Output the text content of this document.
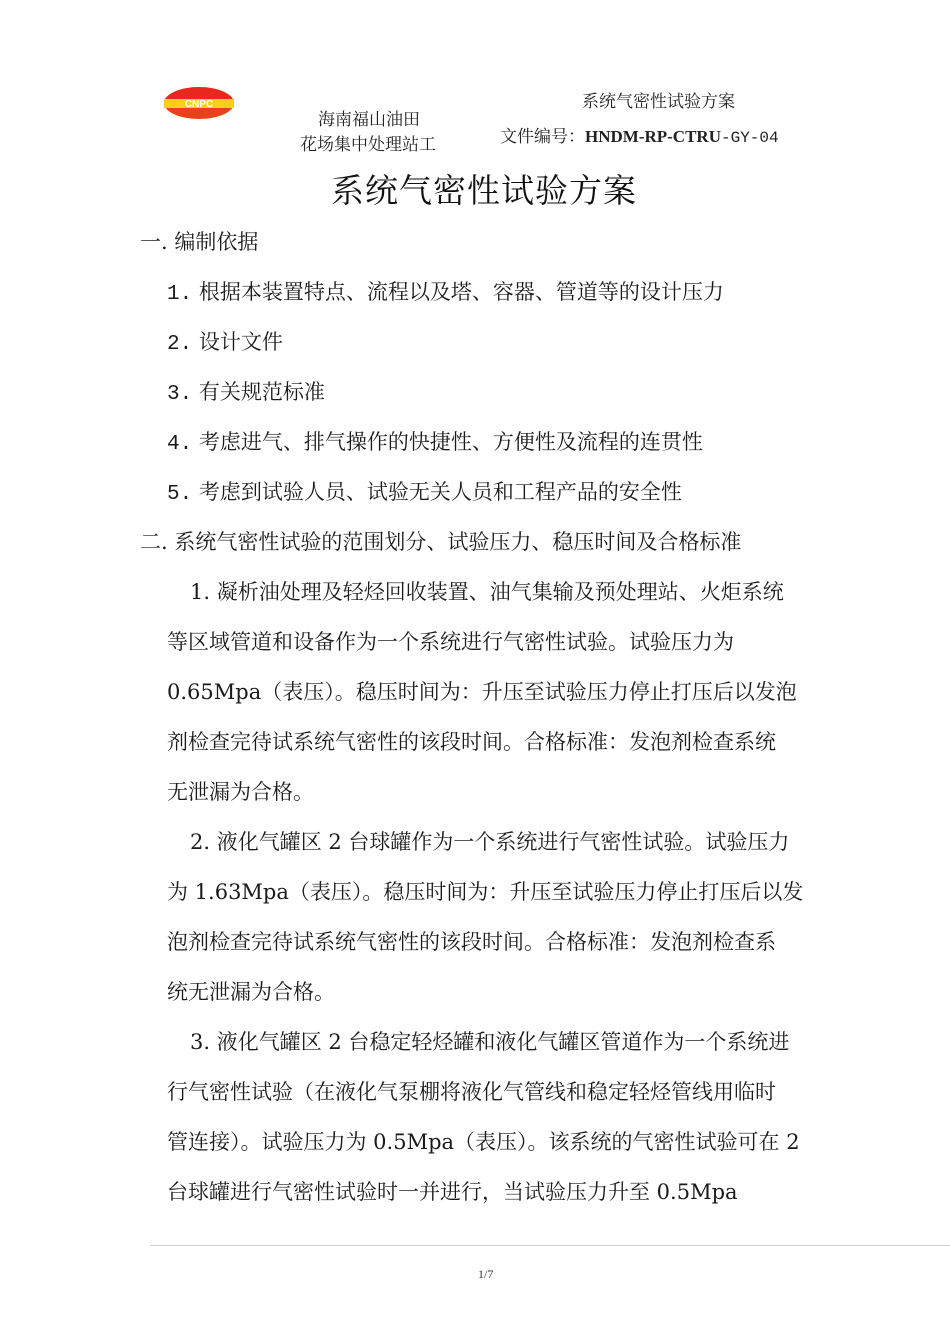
CNPC
海南福山油田
花场集中处理站工
系统气密性试验方案
文件编号：HNDM-RP-CTRU-GY-04
系统气密性试验方案
一. 编制依据
1. 根据本装置特点、流程以及塔、容器、管道等的设计压力
2. 设计文件
3. 有关规范标准
4. 考虑进气、排气操作的快捷性、方便性及流程的连贯性
5. 考虑到试验人员、试验无关人员和工程产品的安全性
二. 系统气密性试验的范围划分、试验压力、稳压时间及合格标准
1. 凝析油处理及轻烃回收装置、油气集输及预处理站、火炬系统
等区域管道和设备作为一个系统进行气密性试验。试验压力为
0.65Mpa（表压）。稳压时间为：升压至试验压力停止打压后以发泡
剂检查完待试系统气密性的该段时间。合格标准：发泡剂检查系统
无泄漏为合格。
2. 液化气罐区 2 台球罐作为一个系统进行气密性试验。试验压力
为 1.63Mpa（表压）。稳压时间为：升压至试验压力停止打压后以发
泡剂检查完待试系统气密性的该段时间。合格标准：发泡剂检查系
统无泄漏为合格。
3. 液化气罐区 2 台稳定轻烃罐和液化气罐区管道作为一个系统进
行气密性试验（在液化气泵棚将液化气管线和稳定轻烃管线用临时
管连接）。试验压力为 0.5Mpa（表压）。该系统的气密性试验可在 2
台球罐进行气密性试验时一并进行，当试验压力升至 0.5Mpa
1/7
